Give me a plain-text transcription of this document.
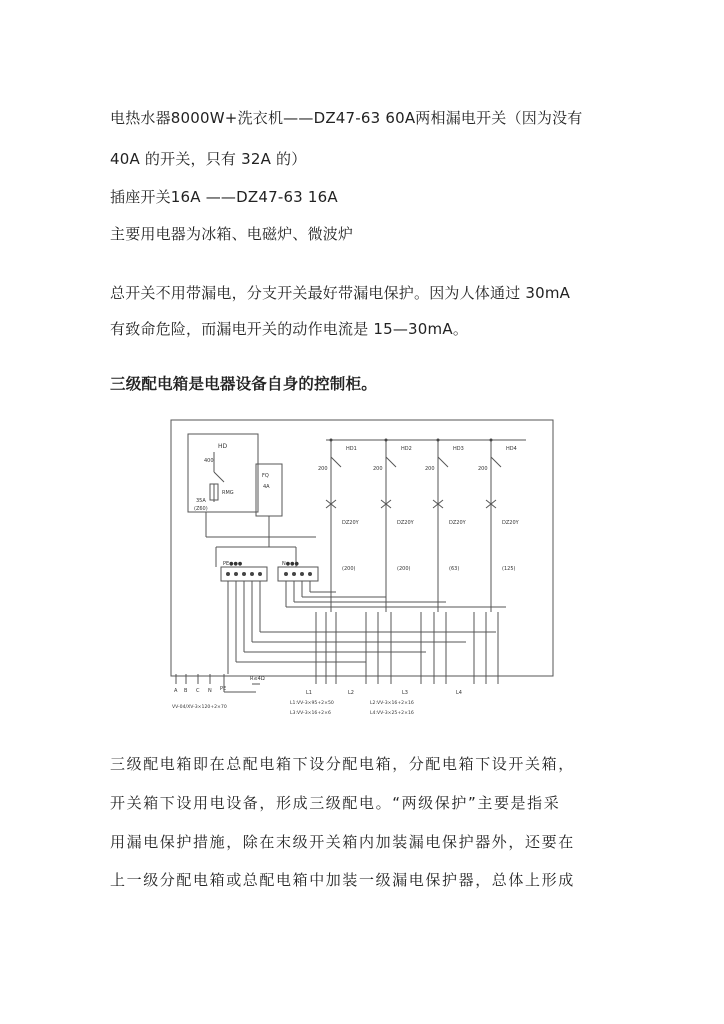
电热水器8000W+洗衣机——DZ47-63 60A两相漏电开关（因为没有
40A 的开关，只有 32A 的）
插座开关16A ——DZ47-63 16A
主要用电器为冰箱、电磁炉、微波炉
总开关不用带漏电，分支开关最好带漏电保护。因为人体通过 30mA
有致命危险，而漏电开关的动作电流是 15—30mA。
三级配电箱是电器设备自身的控制柜。
HD
400
RMG
35A
(Z60)
FQ
4A
PE●●●	N●●●
HD1	HD2	HD3	HD4
200	200	200	200
DZ20Y	DZ20Y	DZ20Y	DZ20Y
(200)	(200)	(63)	(125)
A B C N PE
R≤4Ω
L1	L2	L3	L4
VV-04/XV-3×120+2×70
L1:VV-3×95+2×50
L3:VV-3×16+2×6
L2:VV-3×16+2×16
L4:VV-3×25+2×16
三级配电箱即在总配电箱下设分配电箱，分配电箱下设开关箱，
开关箱下设用电设备，形成三级配电。“两级保护”主要是指采
用漏电保护措施，除在末级开关箱内加装漏电保护器外，还要在
上一级分配电箱或总配电箱中加装一级漏电保护器，总体上形成
